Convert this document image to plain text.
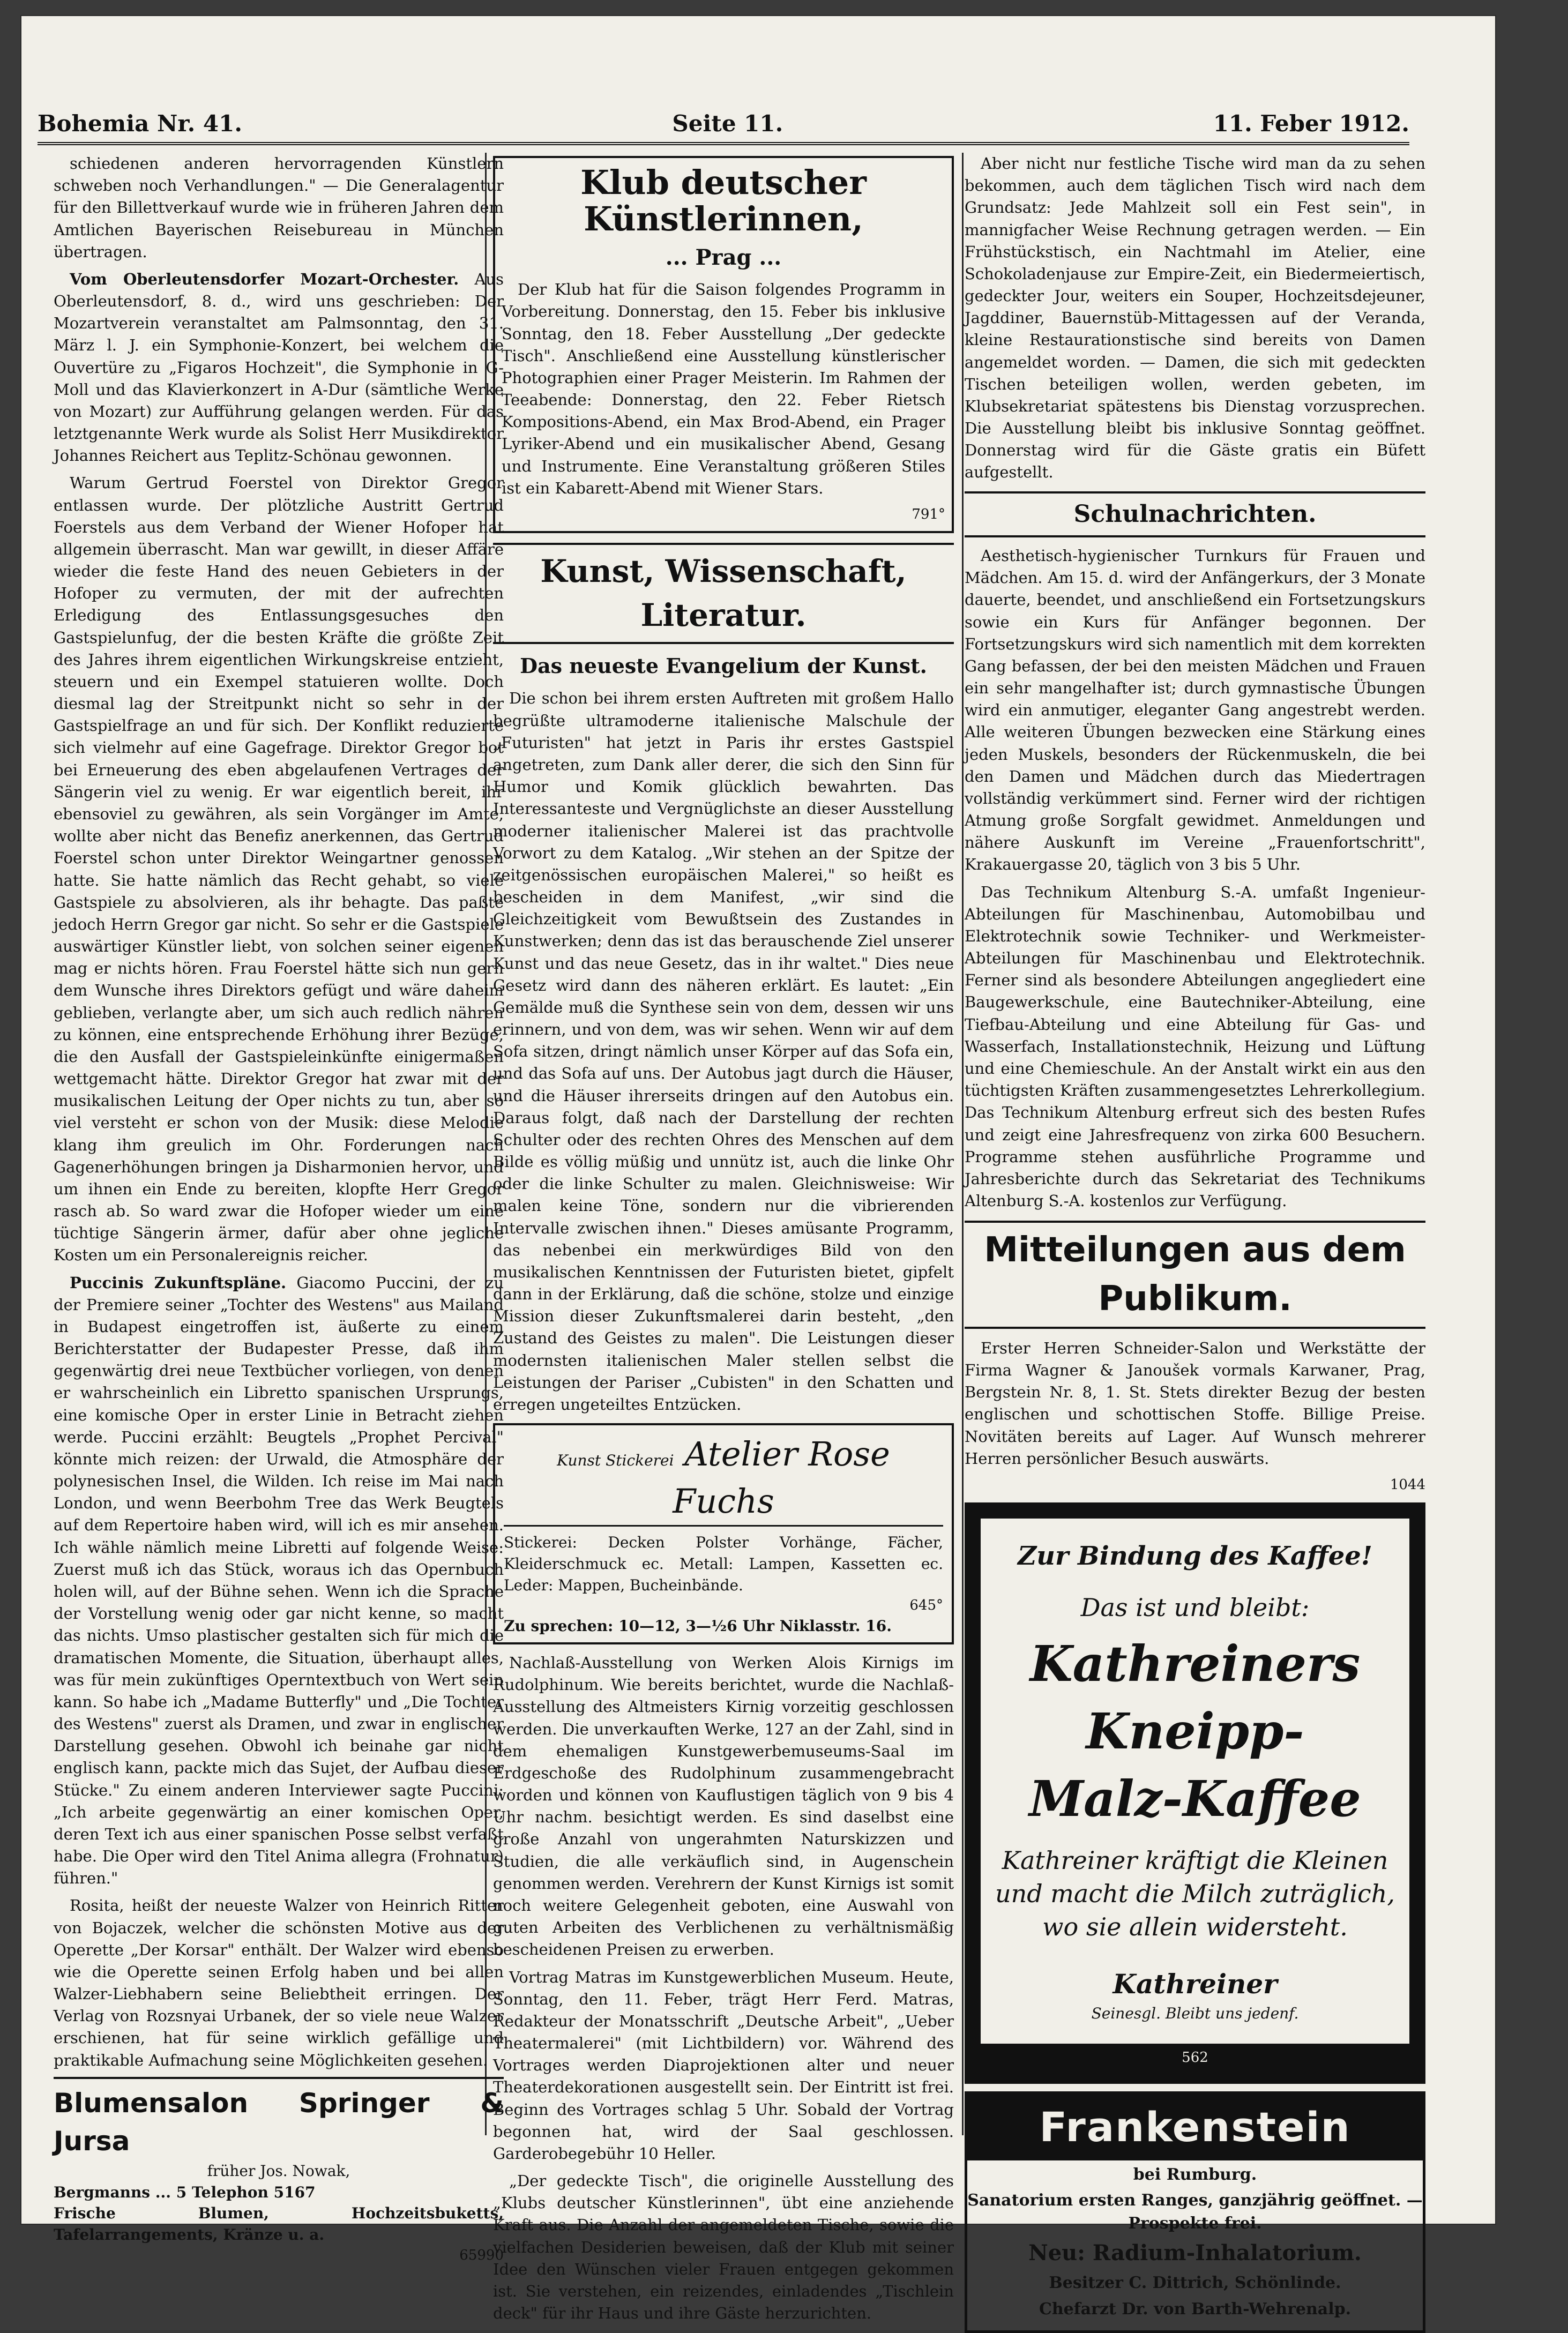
Bohemia Nr. 41.	Seite 11.	11. Feber 1912.

schiedenen anderen hervorragenden Künstlern schweben noch Verhandlungen." — Die Generalagentur für den Billettverkauf wurde wie in früheren Jahren dem Amtlichen Bayerischen Reisebureau in München übertragen.

Vom Oberleutensdorfer Mozart-Orchester. Aus Oberleutensdorf, 8. d., wird uns geschrieben: Der Mozartverein veranstaltet am Palmsonntag, den 31. März l. J. ein Symphonie-Konzert, bei welchem die Ouvertüre zu „Figaros Hochzeit", die Symphonie in G-Moll und das Klavierkonzert in A-Dur (sämtliche Werke von Mozart) zur Aufführung gelangen werden. Für das letztgenannte Werk wurde als Solist Herr Musikdirektor Johannes Reichert aus Teplitz-Schönau gewonnen.

Warum Gertrud Foerstel von Direktor Gregor entlassen wurde. Der plötzliche Austritt Gertrud Foerstels aus dem Verband der Wiener Hofoper hat allgemein überrascht. Man war gewillt, in dieser Affäre wieder die feste Hand des neuen Gebieters in der Hofoper zu vermuten, der mit der aufrechten Erledigung des Entlassungsgesuches den Gastspielunfug, der die besten Kräfte die größte Zeit des Jahres ihrem eigentlichen Wirkungskreise entzieht, steuern und ein Exempel statuieren wollte. Doch diesmal lag der Streitpunkt nicht so sehr in der Gastspielfrage an und für sich. Der Konflikt reduzierte sich vielmehr auf eine Gagefrage. Direktor Gregor bot bei Erneuerung des eben abgelaufenen Vertrages der Sängerin viel zu wenig. Er war eigentlich bereit, ihr ebensoviel zu gewähren, als sein Vorgänger im Amte, wollte aber nicht das Benefiz anerkennen, das Gertrud Foerstel schon unter Direktor Weingartner genossen hatte. Sie hatte nämlich das Recht gehabt, so viele Gastspiele zu absolvieren, als ihr behagte. Das paßte jedoch Herrn Gregor gar nicht. So sehr er die Gastspiele auswärtiger Künstler liebt, von solchen seiner eigenen mag er nichts hören. Frau Foerstel hätte sich nun gern dem Wunsche ihres Direktors gefügt und wäre daheim geblieben, verlangte aber, um sich auch redlich nähren zu können, eine entsprechende Erhöhung ihrer Bezüge, die den Ausfall der Gastspieleinkünfte einigermaßen wettgemacht hätte. Direktor Gregor hat zwar mit der musikalischen Leitung der Oper nichts zu tun, aber so viel versteht er schon von der Musik: diese Melodie klang ihm greulich im Ohr. Forderungen nach Gagenerhöhungen bringen ja Disharmonien hervor, und um ihnen ein Ende zu bereiten, klopfte Herr Gregor rasch ab. So ward zwar die Hofoper wieder um eine tüchtige Sängerin ärmer, dafür aber ohne jegliche Kosten um ein Personalereignis reicher.

Puccinis Zukunftspläne. Giacomo Puccini, der zu der Premiere seiner „Tochter des Westens" aus Mailand in Budapest eingetroffen ist, äußerte zu einem Berichterstatter der Budapester Presse, daß ihm gegenwärtig drei neue Textbücher vorliegen, von denen er wahrscheinlich ein Libretto spanischen Ursprungs, eine komische Oper in erster Linie in Betracht ziehen werde. Puccini erzählt: Beugtels „Prophet Percival" könnte mich reizen: der Urwald, die Atmosphäre der polynesischen Insel, die Wilden. Ich reise im Mai nach London, und wenn Beerbohm Tree das Werk Beugtels auf dem Repertoire haben wird, will ich es mir ansehen. Ich wähle nämlich meine Libretti auf folgende Weise: Zuerst muß ich das Stück, woraus ich das Opernbuch holen will, auf der Bühne sehen. Wenn ich die Sprache der Vorstellung wenig oder gar nicht kenne, so macht das nichts. Umso plastischer gestalten sich für mich die dramatischen Momente, die Situation, überhaupt alles, was für mein zukünftiges Operntextbuch von Wert sein kann. So habe ich „Madame Butterfly" und „Die Tochter des Westens" zuerst als Dramen, und zwar in englischer Darstellung gesehen. Obwohl ich beinahe gar nicht englisch kann, packte mich das Sujet, der Aufbau dieser Stücke." Zu einem anderen Interviewer sagte Puccini: „Ich arbeite gegenwärtig an einer komischen Oper, deren Text ich aus einer spanischen Posse selbst verfaßt habe. Die Oper wird den Titel Anima allegra (Frohnatur) führen."

Rosita, heißt der neueste Walzer von Heinrich Ritter von Bojaczek, welcher die schönsten Motive aus der Operette „Der Korsar" enthält. Der Walzer wird ebenso wie die Operette seinen Erfolg haben und bei allen Walzer-Liebhabern seine Beliebtheit erringen. Der Verlag von Rozsnyai Urbanek, der so viele neue Walzer erschienen, hat für seine wirklich gefällige und praktikable Aufmachung seine Möglichkeiten gesehen.

Blumensalon Springer & Jursa
früher Jos. Nowak,
Bergmanns ... 5 Telephon 5167
Frische Blumen, Hochzeitsbuketts, Tafelarrangements, Kränze u. a.
65990
Klub deutscher Künstlerinnen,
... Prag ...

Der Klub hat für die Saison folgendes Programm in Vorbereitung. Donnerstag, den 15. Feber bis inklusive Sonntag, den 18. Feber Ausstellung „Der gedeckte Tisch". Anschließend eine Ausstellung künstlerischer Photographien einer Prager Meisterin. Im Rahmen der Teeabende: Donnerstag, den 22. Feber Rietsch Kompositions-Abend, ein Max Brod-Abend, ein Prager Lyriker-Abend und ein musikalischer Abend, Gesang und Instrumente. Eine Veranstaltung größeren Stiles ist ein Kabarett-Abend mit Wiener Stars.

791°
Kunst, Wissenschaft, Literatur.
Das neueste Evangelium der Kunst.

Die schon bei ihrem ersten Auftreten mit großem Hallo begrüßte ultramoderne italienische Malschule der „Futuristen" hat jetzt in Paris ihr erstes Gastspiel angetreten, zum Dank aller derer, die sich den Sinn für Humor und Komik glücklich bewahrten. Das Interessanteste und Vergnüglichste an dieser Ausstellung moderner italienischer Malerei ist das prachtvolle Vorwort zu dem Katalog. „Wir stehen an der Spitze der zeitgenössischen europäischen Malerei," so heißt es bescheiden in dem Manifest, „wir sind die Gleichzeitigkeit vom Bewußtsein des Zustandes in Kunstwerken; denn das ist das berauschende Ziel unserer Kunst und das neue Gesetz, das in ihr waltet." Dies neue Gesetz wird dann des näheren erklärt. Es lautet: „Ein Gemälde muß die Synthese sein von dem, dessen wir uns erinnern, und von dem, was wir sehen. Wenn wir auf dem Sofa sitzen, dringt nämlich unser Körper auf das Sofa ein, und das Sofa auf uns. Der Autobus jagt durch die Häuser, und die Häuser ihrerseits dringen auf den Autobus ein. Daraus folgt, daß nach der Darstellung der rechten Schulter oder des rechten Ohres des Menschen auf dem Bilde es völlig müßig und unnütz ist, auch die linke Ohr oder die linke Schulter zu malen. Gleichnisweise: Wir malen keine Töne, sondern nur die vibrierenden Intervalle zwischen ihnen." Dieses amüsante Programm, das nebenbei ein merkwürdiges Bild von den musikalischen Kenntnissen der Futuristen bietet, gipfelt dann in der Erklärung, daß die schöne, stolze und einzige Mission dieser Zukunftsmalerei darin besteht, „den Zustand des Geistes zu malen". Die Leistungen dieser modernsten italienischen Maler stellen selbst die Leistungen der Pariser „Cubisten" in den Schatten und erregen ungeteiltes Entzücken.

Kunst Stickerei Atelier Rose Fuchs
Stickerei: Decken Polster Vorhänge, Fächer, Kleiderschmuck ec. Metall: Lampen, Kassetten ec. Leder: Mappen, Bucheinbände.
645°
Zu sprechen: 10—12, 3—½6 Uhr Niklasstr. 16.

Nachlaß-Ausstellung von Werken Alois Kirnigs im Rudolphinum. Wie bereits berichtet, wurde die Nachlaß-Ausstellung des Altmeisters Kirnig vorzeitig geschlossen werden. Die unverkauften Werke, 127 an der Zahl, sind in dem ehemaligen Kunstgewerbemuseums-Saal im Erdgeschoße des Rudolphinum zusammengebracht worden und können von Kauflustigen täglich von 9 bis 4 Uhr nachm. besichtigt werden. Es sind daselbst eine große Anzahl von ungerahmten Naturskizzen und Studien, die alle verkäuflich sind, in Augenschein genommen werden. Verehrern der Kunst Kirnigs ist somit noch weitere Gelegenheit geboten, eine Auswahl von guten Arbeiten des Verblichenen zu verhältnismäßig bescheidenen Preisen zu erwerben.

Vortrag Matras im Kunstgewerblichen Museum. Heute, Sonntag, den 11. Feber, trägt Herr Ferd. Matras, Redakteur der Monatsschrift „Deutsche Arbeit", „Ueber Theatermalerei" (mit Lichtbildern) vor. Während des Vortrages werden Diaprojektionen alter und neuer Theaterdekorationen ausgestellt sein. Der Eintritt ist frei. Beginn des Vortrages schlag 5 Uhr. Sobald der Vortrag begonnen hat, wird der Saal geschlossen. Garderobegebühr 10 Heller.

„Der gedeckte Tisch", die originelle Ausstellung des „Klubs deutscher Künstlerinnen", übt eine anziehende Kraft aus. Die Anzahl der angemeldeten Tische, sowie die vielfachen Desiderien beweisen, daß der Klub mit seiner Idee den Wünschen vieler Frauen entgegen gekommen ist. Sie verstehen, ein reizendes, einladendes „Tischlein deck" für ihr Haus und ihre Gäste herzurichten.

Aber nicht nur festliche Tische wird man da zu sehen bekommen, auch dem täglichen Tisch wird nach dem Grundsatz: Jede Mahlzeit soll ein Fest sein", in mannigfacher Weise Rechnung getragen werden. — Ein Frühstückstisch, ein Nachtmahl im Atelier, eine Schokoladenjause zur Empire-Zeit, ein Biedermeiertisch, gedeckter Jour, weiters ein Souper, Hochzeitsdejeuner, Jagddiner, Bauernstüb-Mittagessen auf der Veranda, kleine Restaurationstische sind bereits von Damen angemeldet worden. — Damen, die sich mit gedeckten Tischen beteiligen wollen, werden gebeten, im Klubsekretariat spätestens bis Dienstag vorzusprechen. Die Ausstellung bleibt bis inklusive Sonntag geöffnet. Donnerstag wird für die Gäste gratis ein Büfett aufgestellt.

Schulnachrichten.

Aesthetisch-hygienischer Turnkurs für Frauen und Mädchen. Am 15. d. wird der Anfängerkurs, der 3 Monate dauerte, beendet, und anschließend ein Fortsetzungskurs sowie ein Kurs für Anfänger begonnen. Der Fortsetzungskurs wird sich namentlich mit dem korrekten Gang befassen, der bei den meisten Mädchen und Frauen ein sehr mangelhafter ist; durch gymnastische Übungen wird ein anmutiger, eleganter Gang angestrebt werden. Alle weiteren Übungen bezwecken eine Stärkung eines jeden Muskels, besonders der Rückenmuskeln, die bei den Damen und Mädchen durch das Miedertragen vollständig verkümmert sind. Ferner wird der richtigen Atmung große Sorgfalt gewidmet. Anmeldungen und nähere Auskunft im Vereine „Frauenfortschritt", Krakauergasse 20, täglich von 3 bis 5 Uhr.

Das Technikum Altenburg S.-A. umfaßt Ingenieur-Abteilungen für Maschinenbau, Automobilbau und Elektrotechnik sowie Techniker- und Werkmeister-Abteilungen für Maschinenbau und Elektrotechnik. Ferner sind als besondere Abteilungen angegliedert eine Baugewerkschule, eine Bautechniker-Abteilung, eine Tiefbau-Abteilung und eine Abteilung für Gas- und Wasserfach, Installationstechnik, Heizung und Lüftung und eine Chemieschule. An der Anstalt wirkt ein aus den tüchtigsten Kräften zusammengesetztes Lehrerkollegium. Das Technikum Altenburg erfreut sich des besten Rufes und zeigt eine Jahresfrequenz von zirka 600 Besuchern. Programme stehen ausführliche Programme und Jahresberichte durch das Sekretariat des Technikums Altenburg S.-A. kostenlos zur Verfügung.

Mitteilungen aus dem Publikum.

Erster Herren Schneider-Salon und Werkstätte der Firma Wagner & Janoušek vormals Karwaner, Prag, Bergstein Nr. 8, 1. St. Stets direkter Bezug der besten englischen und schottischen Stoffe. Billige Preise. Novitäten bereits auf Lager. Auf Wunsch mehrerer Herren persönlicher Besuch auswärts.

1044
Zur Bindung des Kaffee!
Das ist und bleibt:
Kathreiners
Kneipp-
Malz-Kaffee
Kathreiner kräftigt die Kleinen und macht die Milch zuträglich, wo sie allein widersteht.
Kathreiner
Seinesgl. Bleibt uns jedenf.
562
Frankenstein

bei Rumburg.

Sanatorium ersten Ranges, ganzjährig geöffnet. — Prospekte frei.

Neu: Radium-Inhalatorium.

Besitzer C. Dittrich, Schönlinde.

Chefarzt Dr. von Barth-Wehrenalp.
